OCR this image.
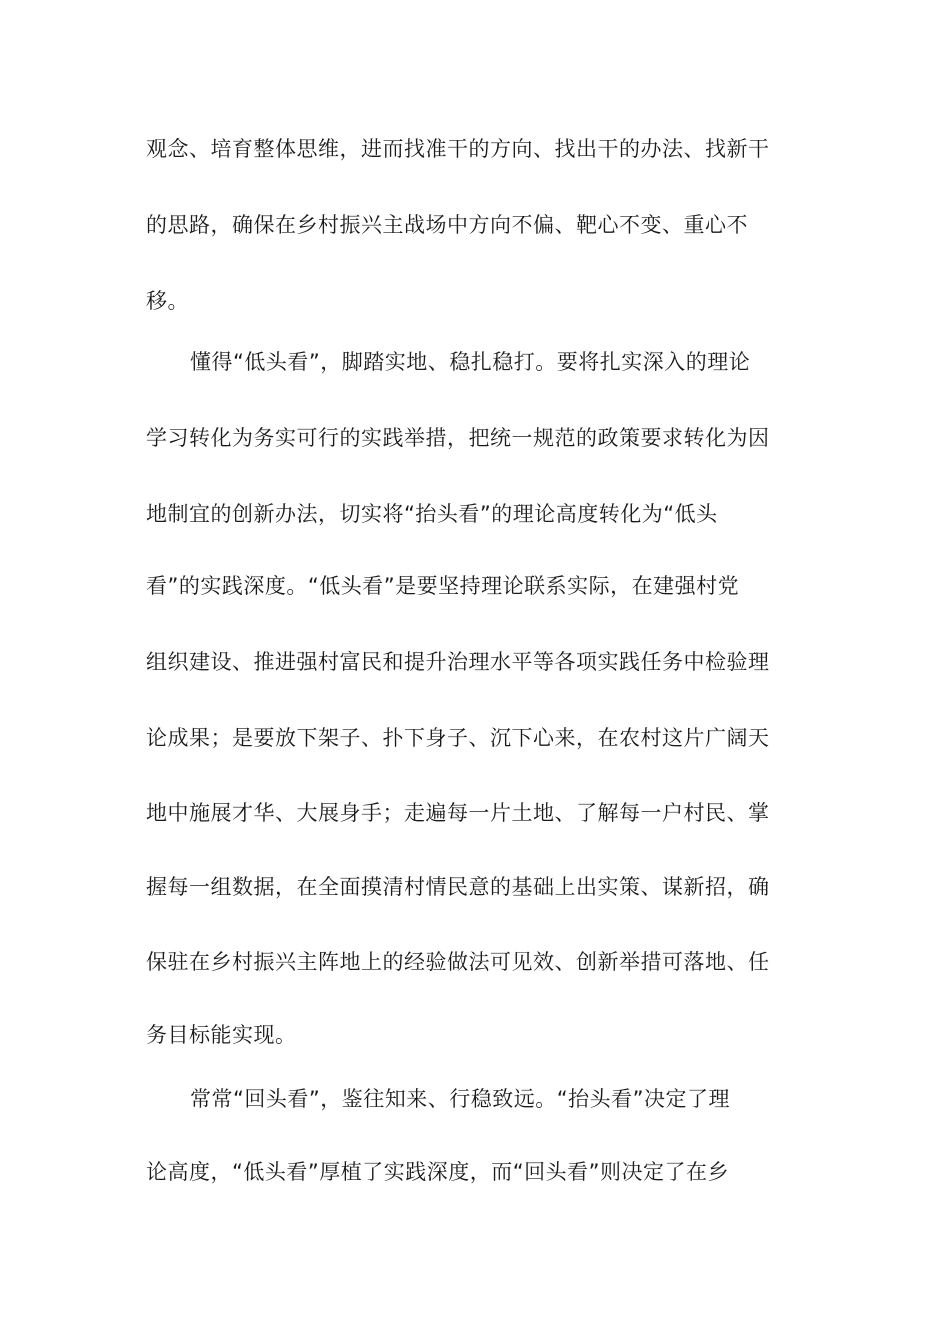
观念、培育整体思维，进而找准干的方向、找出干的办法、找新干
的思路，确保在乡村振兴主战场中方向不偏、靶心不变、重心不
移。
懂得“低头看”，脚踏实地、稳扎稳打。要将扎实深入的理论
学习转化为务实可行的实践举措，把统一规范的政策要求转化为因
地制宜的创新办法，切实将“抬头看”的理论高度转化为“低头
看”的实践深度。“低头看”是要坚持理论联系实际，在建强村党
组织建设、推进强村富民和提升治理水平等各项实践任务中检验理
论成果；是要放下架子、扑下身子、沉下心来，在农村这片广阔天
地中施展才华、大展身手；走遍每一片土地、了解每一户村民、掌
握每一组数据，在全面摸清村情民意的基础上出实策、谋新招，确
保驻在乡村振兴主阵地上的经验做法可见效、创新举措可落地、任
务目标能实现。
常常“回头看”，鉴往知来、行稳致远。“抬头看”决定了理
论高度，“低头看”厚植了实践深度，而“回头看”则决定了在乡
